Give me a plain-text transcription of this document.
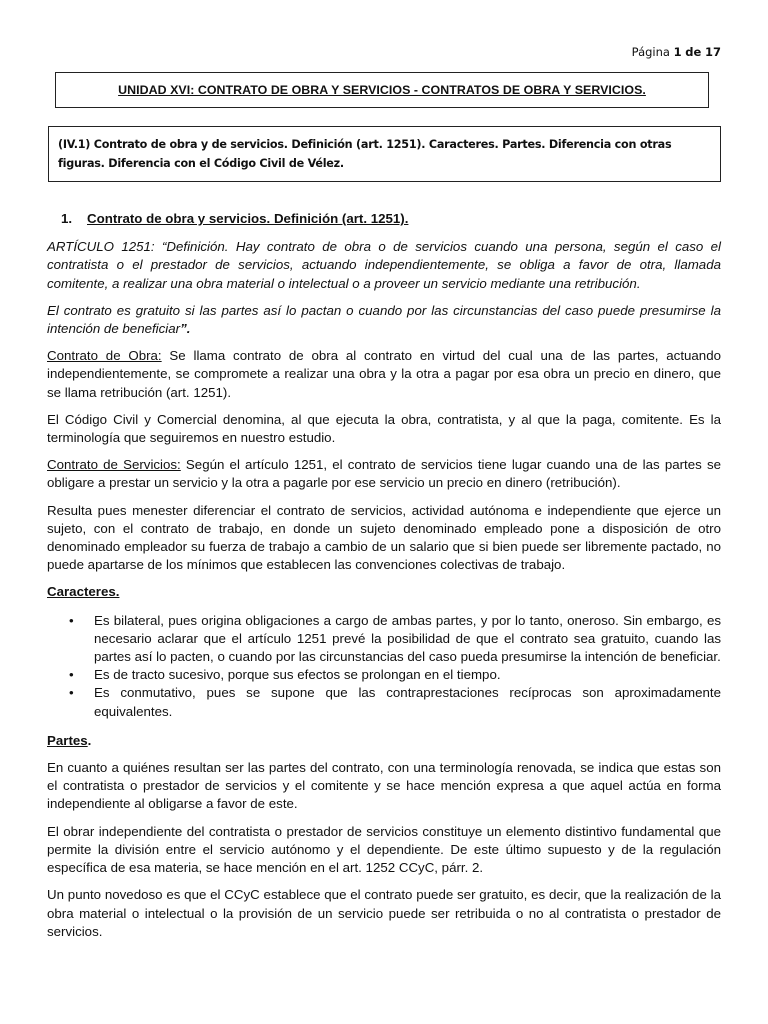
Página 1 de 17
UNIDAD XVI: CONTRATO DE OBRA Y SERVICIOS - CONTRATOS DE OBRA Y SERVICIOS.
(IV.1) Contrato de obra y de servicios. Definición (art. 1251). Caracteres. Partes. Diferencia con otras figuras. Diferencia con el Código Civil de Vélez.

1. Contrato de obra y servicios. Definición (art. 1251).

ARTÍCULO 1251: “Definición. Hay contrato de obra o de servicios cuando una persona, según el caso el contratista o el prestador de servicios, actuando independientemente, se obliga a favor de otra, llamada comitente, a realizar una obra material o intelectual o a proveer un servicio mediante una retribución.

El contrato es gratuito si las partes así lo pactan o cuando por las circunstancias del caso puede presumirse la intención de beneficiar”.

Contrato de Obra: Se llama contrato de obra al contrato en virtud del cual una de las partes, actuando independientemente, se compromete a realizar una obra y la otra a pagar por esa obra un precio en dinero, que se llama retribución (art. 1251).

El Código Civil y Comercial denomina, al que ejecuta la obra, contratista, y al que la paga, comitente. Es la terminología que seguiremos en nuestro estudio.

Contrato de Servicios: Según el artículo 1251, el contrato de servicios tiene lugar cuando una de las partes se obligare a prestar un servicio y la otra a pagarle por ese servicio un precio en dinero (retribución).

Resulta pues menester diferenciar el contrato de servicios, actividad autónoma e independiente que ejerce un sujeto, con el contrato de trabajo, en donde un sujeto denominado empleado pone a disposición de otro denominado empleador su fuerza de trabajo a cambio de un salario que si bien puede ser libremente pactado, no puede apartarse de los mínimos que establecen las convenciones colectivas de trabajo.

Caracteres.

• Es bilateral, pues origina obligaciones a cargo de ambas partes, y por lo tanto, oneroso. Sin embargo, es necesario aclarar que el artículo 1251 prevé la posibilidad de que el contrato sea gratuito, cuando las partes así lo pacten, o cuando por las circunstancias del caso pueda presumirse la intención de beneficiar.
• Es de tracto sucesivo, porque sus efectos se prolongan en el tiempo.
• Es conmutativo, pues se supone que las contraprestaciones recíprocas son aproximadamente equivalentes.

Partes.

En cuanto a quiénes resultan ser las partes del contrato, con una terminología renovada, se indica que estas son el contratista o prestador de servicios y el comitente y se hace mención expresa a que aquel actúa en forma independiente al obligarse a favor de este.

El obrar independiente del contratista o prestador de servicios constituye un elemento distintivo fundamental que permite la división entre el servicio autónomo y el dependiente. De este último supuesto y de la regulación específica de esa materia, se hace mención en el art. 1252 CCyC, párr. 2.

Un punto novedoso es que el CCyC establece que el contrato puede ser gratuito, es decir, que la realización de la obra material o intelectual o la provisión de un servicio puede ser retribuida o no al contratista o prestador de servicios.
